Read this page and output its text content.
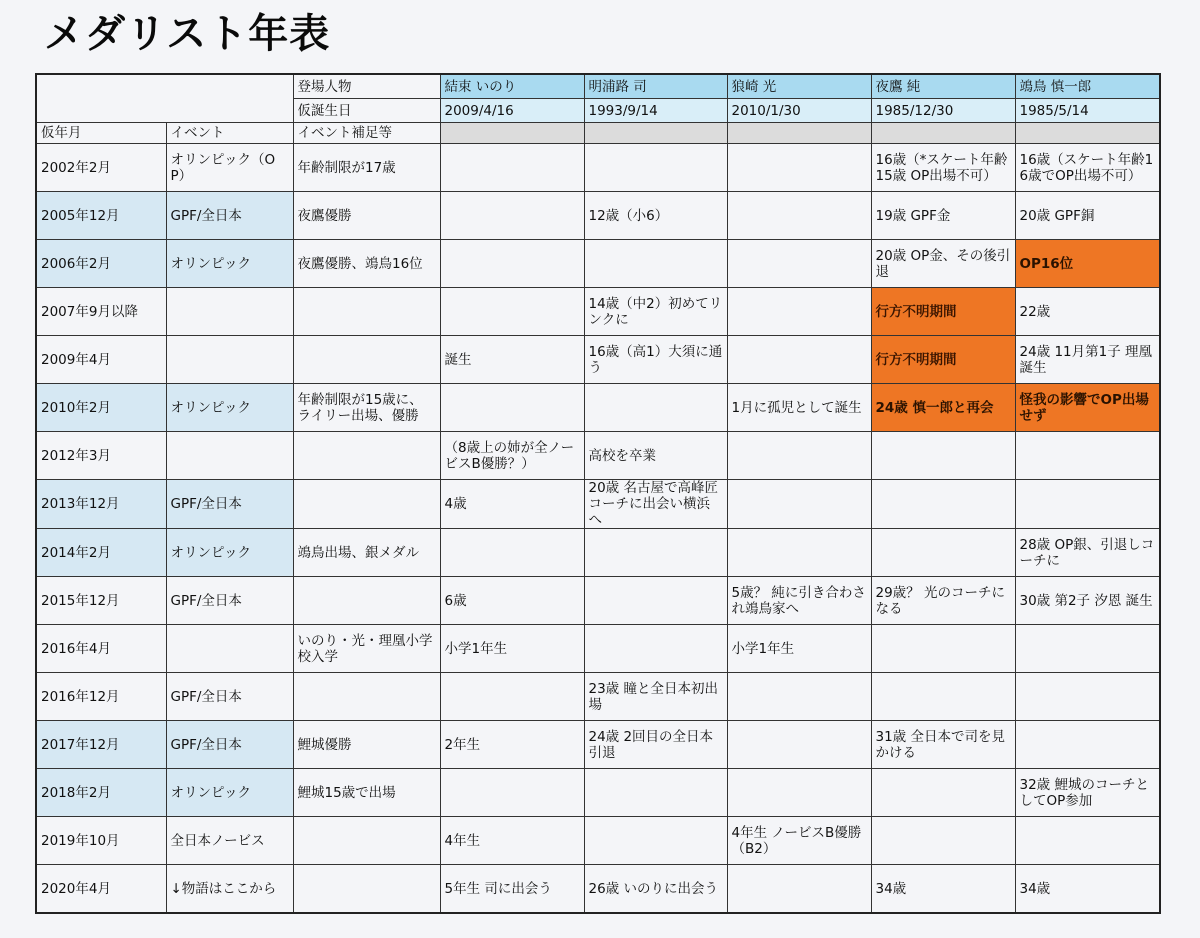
メダリスト年表
		登場人物	結束 いのり	明浦路 司	狼崎 光	夜鷹 純	鴗鳥 慎一郎
		仮誕生日	2009/4/16	1993/9/14	2010/1/30	1985/12/30	1985/5/14
仮年月	イベント	イベント補足等					
2002年2月	オリンピック（OP）	年齢制限が17歳				16歳（*スケート年齢15歳 OP出場不可）	16歳（スケート年齢16歳でOP出場不可）
2005年12月	GPF/全日本	夜鷹優勝		12歳（小6）		19歳 GPF金	20歳 GPF銅
2006年2月	オリンピック	夜鷹優勝、鴗鳥16位				20歳 OP金、その後引退	OP16位
2007年9月以降				14歳（中2）初めてリンクに		行方不明期間	22歳
2009年4月			誕生	16歳（高1）大須に通う		行方不明期間	24歳 11月第1子 理凰誕生
2010年2月	オリンピック	年齢制限が15歳に、ライリー出場、優勝			1月に孤児として誕生	24歳 慎一郎と再会	怪我の影響でOP出場せず
2012年3月			（8歳上の姉が全ノービスB優勝？）	高校を卒業			
2013年12月	GPF/全日本		4歳	20歳 名古屋で高峰匠コーチに出会い横浜へ			
2014年2月	オリンピック	鴗鳥出場、銀メダル					28歳 OP銀、引退しコーチに
2015年12月	GPF/全日本		6歳		5歳？ 純に引き合わされ鴗鳥家へ	29歳？ 光のコーチになる	30歳 第2子 汐恩 誕生
2016年4月		いのり・光・理凰小学校入学	小学1年生		小学1年生		
2016年12月	GPF/全日本			23歳 瞳と全日本初出場			
2017年12月	GPF/全日本	鯉城優勝	2年生	24歳 2回目の全日本引退		31歳 全日本で司を見かける	
2018年2月	オリンピック	鯉城15歳で出場					32歳 鯉城のコーチとしてOP参加
2019年10月	全日本ノービス		4年生		4年生 ノービスB優勝（B2）		
2020年4月	↓物語はここから		5年生 司に出会う	26歳 いのりに出会う		34歳	34歳
